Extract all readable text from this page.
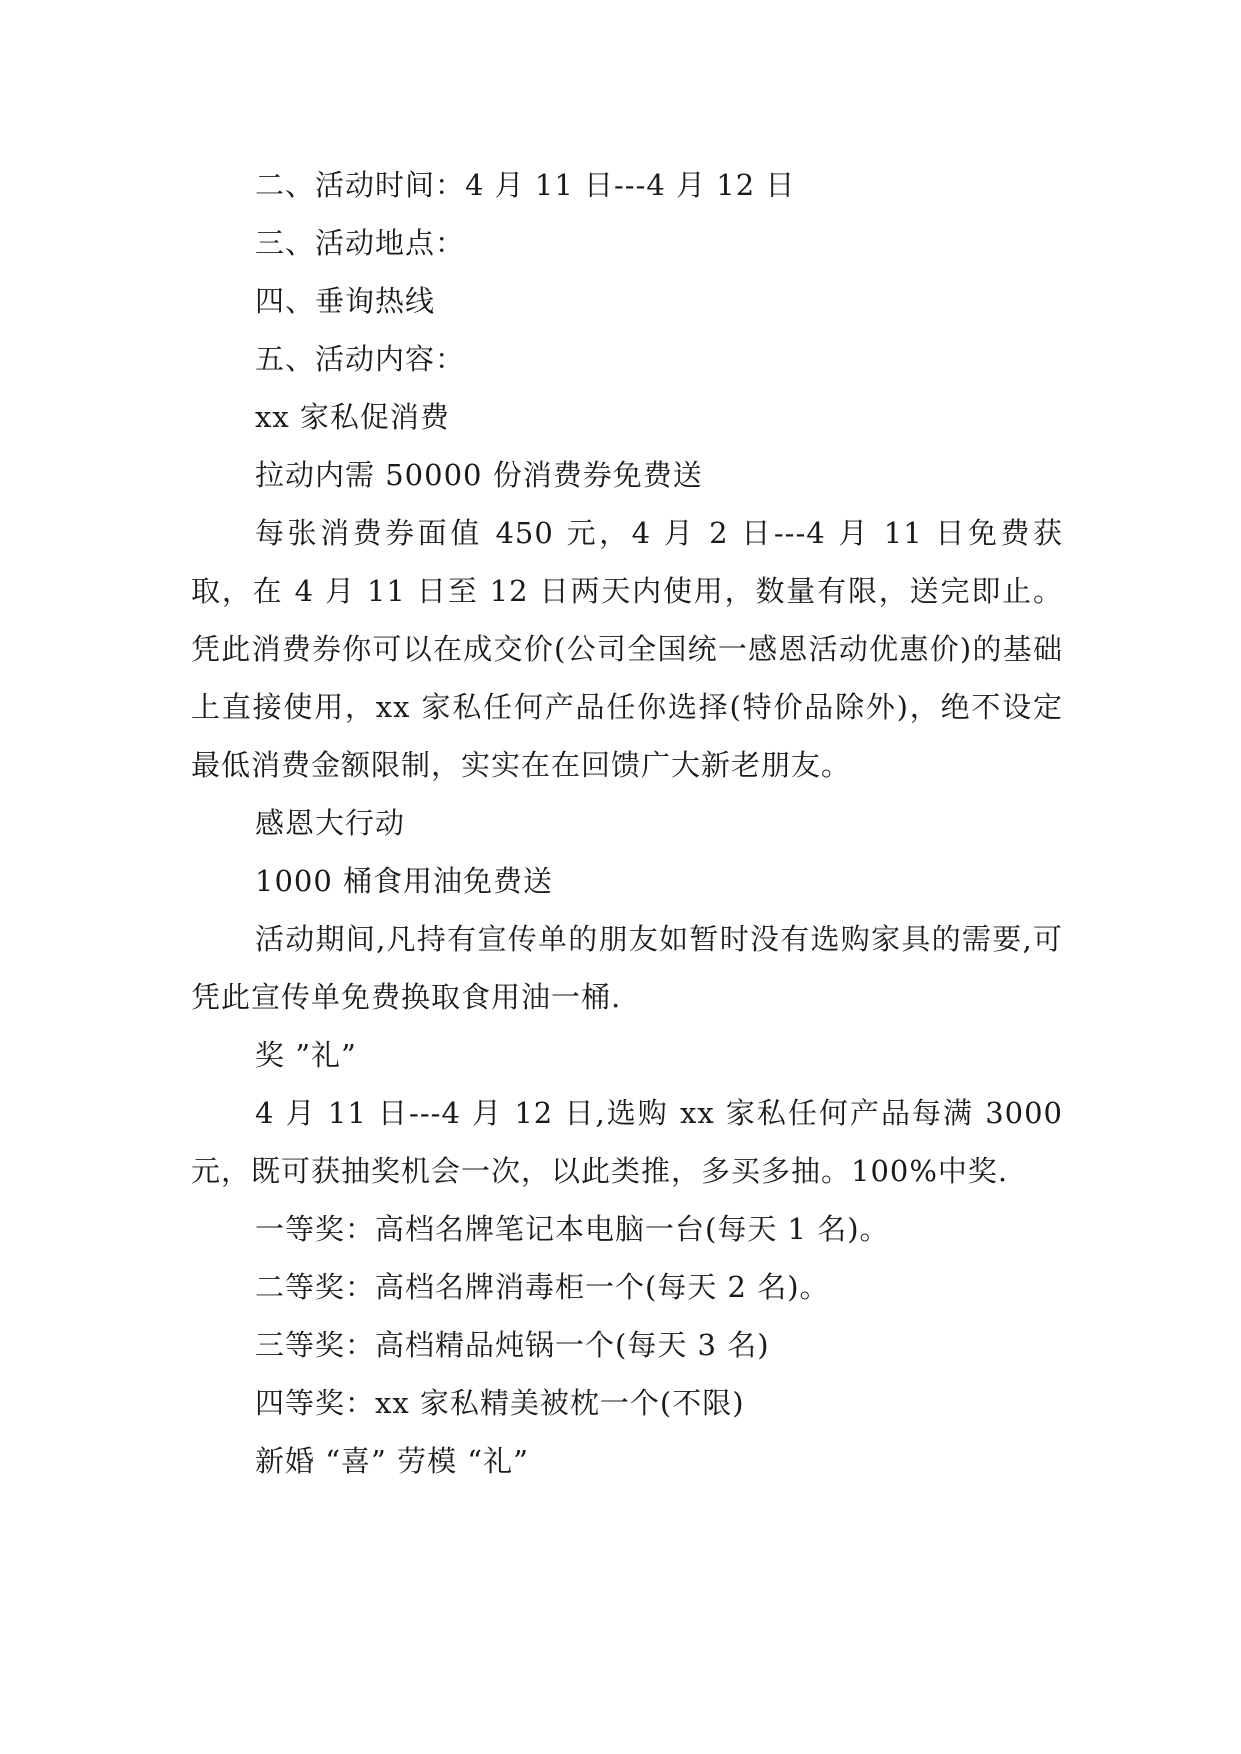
二、活动时间：4 月 11 日---4 月 12 日

三、活动地点：

四、垂询热线

五、活动内容：

xx 家私促消费

拉动内需 50000 份消费券免费送

每张消费券面值 450 元，4 月 2 日---4 月 11 日免费获取，在 4 月 11 日至 12 日两天内使用，数量有限，送完即止。凭此消费券你可以在成交价(公司全国统一感恩活动优惠价)的基础上直接使用，xx 家私任何产品任你选择(特价品除外)，绝不设定最低消费金额限制，实实在在回馈广大新老朋友。

感恩大行动

1000 桶食用油免费送

活动期间,凡持有宣传单的朋友如暂时没有选购家具的需要,可凭此宣传单免费换取食用油一桶.

奖 ”礼”

4 月 11 日---4 月 12 日,选购 xx 家私任何产品每满 3000 元，既可获抽奖机会一次，以此类推，多买多抽。100%中奖.

一等奖：高档名牌笔记本电脑一台(每天 1 名)。

二等奖：高档名牌消毒柜一个(每天 2 名)。

三等奖：高档精品炖锅一个(每天 3 名)

四等奖：xx 家私精美被枕一个(不限)

新婚 “喜” 劳模 “礼”
